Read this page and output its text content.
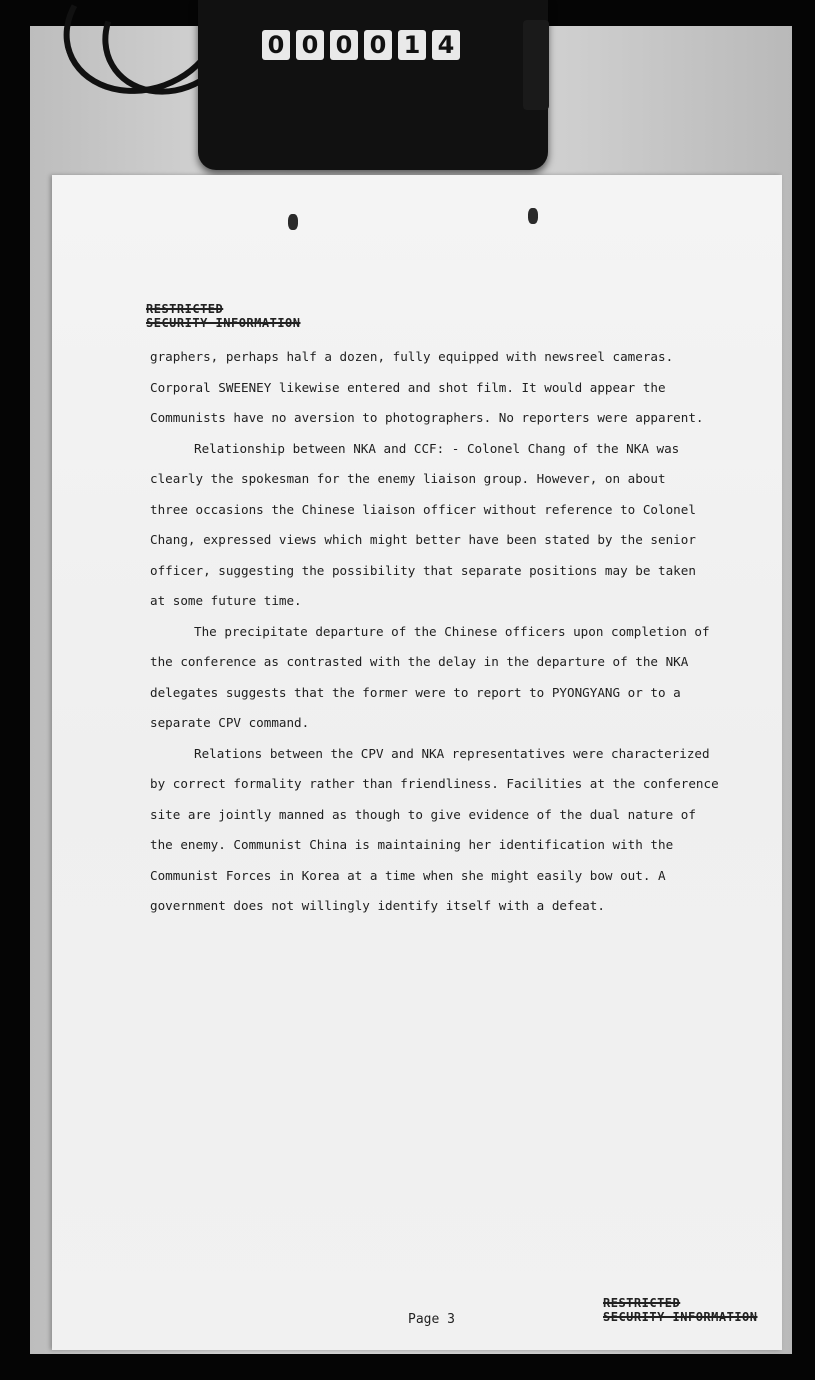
0 0 0 0 1 4
RESTRICTED
SECURITY INFORMATION

graphers, perhaps half a dozen, fully equipped with newsreel cameras.
Corporal SWEENEY likewise entered and shot film. It would appear the
Communists have no aversion to photographers. No reporters were apparent.

Relationship between NKA and CCF: - Colonel Chang of the NKA was
clearly the spokesman for the enemy liaison group. However, on about
three occasions the Chinese liaison officer without reference to Colonel
Chang, expressed views which might better have been stated by the senior
officer, suggesting the possibility that separate positions may be taken
at some future time.

The precipitate departure of the Chinese officers upon completion of
the conference as contrasted with the delay in the departure of the NKA
delegates suggests that the former were to report to PYONGYANG or to a
separate CPV command.

Relations between the CPV and NKA representatives were characterized
by correct formality rather than friendliness. Facilities at the conference
site are jointly manned as though to give evidence of the dual nature of
the enemy. Communist China is maintaining her identification with the
Communist Forces in Korea at a time when she might easily bow out. A
government does not willingly identify itself with a defeat.

Page 3
RESTRICTED
SECURITY INFORMATION
